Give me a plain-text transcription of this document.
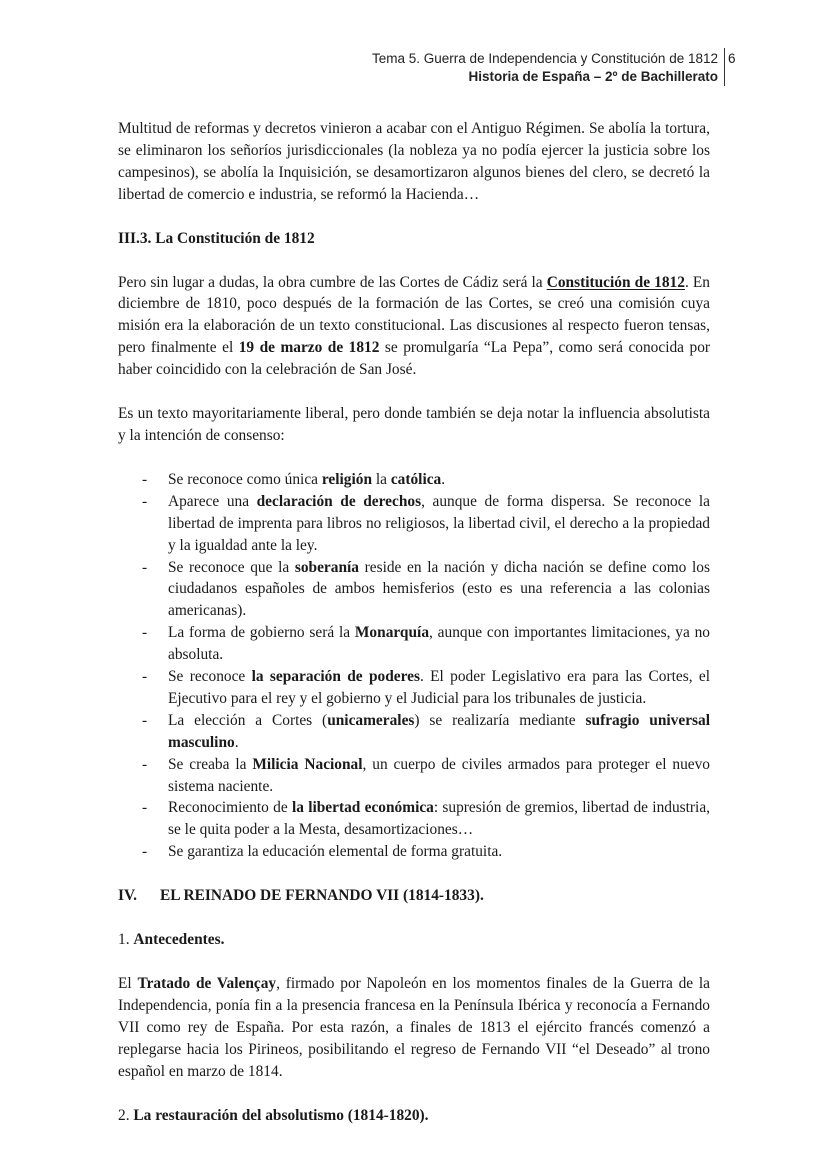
Tema 5. Guerra de Independencia y Constitución de 1812
Historia de España – 2º de Bachillerato
6

Multitud de reformas y decretos vinieron a acabar con el Antiguo Régimen. Se abolía la tortura, se eliminaron los señoríos jurisdiccionales (la nobleza ya no podía ejercer la justicia sobre los campesinos), se abolía la Inquisición, se desamortizaron algunos bienes del clero, se decretó la libertad de comercio e industria, se reformó la Hacienda…

III.3. La Constitución de 1812

Pero sin lugar a dudas, la obra cumbre de las Cortes de Cádiz será la Constitución de 1812. En diciembre de 1810, poco después de la formación de las Cortes, se creó una comisión cuya misión era la elaboración de un texto constitucional. Las discusiones al respecto fueron tensas, pero finalmente el 19 de marzo de 1812 se promulgaría “La Pepa”, como será conocida por haber coincidido con la celebración de San José.

Es un texto mayoritariamente liberal, pero donde también se deja notar la influencia absolutista y la intención de consenso:

- Se reconoce como única religión la católica.
- Aparece una declaración de derechos, aunque de forma dispersa. Se reconoce la libertad de imprenta para libros no religiosos, la libertad civil, el derecho a la propiedad y la igualdad ante la ley.
- Se reconoce que la soberanía reside en la nación y dicha nación se define como los ciudadanos españoles de ambos hemisferios (esto es una referencia a las colonias americanas).
- La forma de gobierno será la Monarquía, aunque con importantes limitaciones, ya no absoluta.
- Se reconoce la separación de poderes. El poder Legislativo era para las Cortes, el Ejecutivo para el rey y el gobierno y el Judicial para los tribunales de justicia.
- La elección a Cortes (unicamerales) se realizaría mediante sufragio universal masculino.
- Se creaba la Milicia Nacional, un cuerpo de civiles armados para proteger el nuevo sistema naciente.
- Reconocimiento de la libertad económica: supresión de gremios, libertad de industria, se le quita poder a la Mesta, desamortizaciones…
- Se garantiza la educación elemental de forma gratuita.
IV.	EL REINADO DE FERNANDO VII (1814-1833).

1. Antecedentes.

El Tratado de Valençay, firmado por Napoleón en los momentos finales de la Guerra de la Independencia, ponía fin a la presencia francesa en la Península Ibérica y reconocía a Fernando VII como rey de España. Por esta razón, a finales de 1813 el ejército francés comenzó a replegarse hacia los Pirineos, posibilitando el regreso de Fernando VII “el Deseado” al trono español en marzo de 1814.

2. La restauración del absolutismo (1814-1820).
